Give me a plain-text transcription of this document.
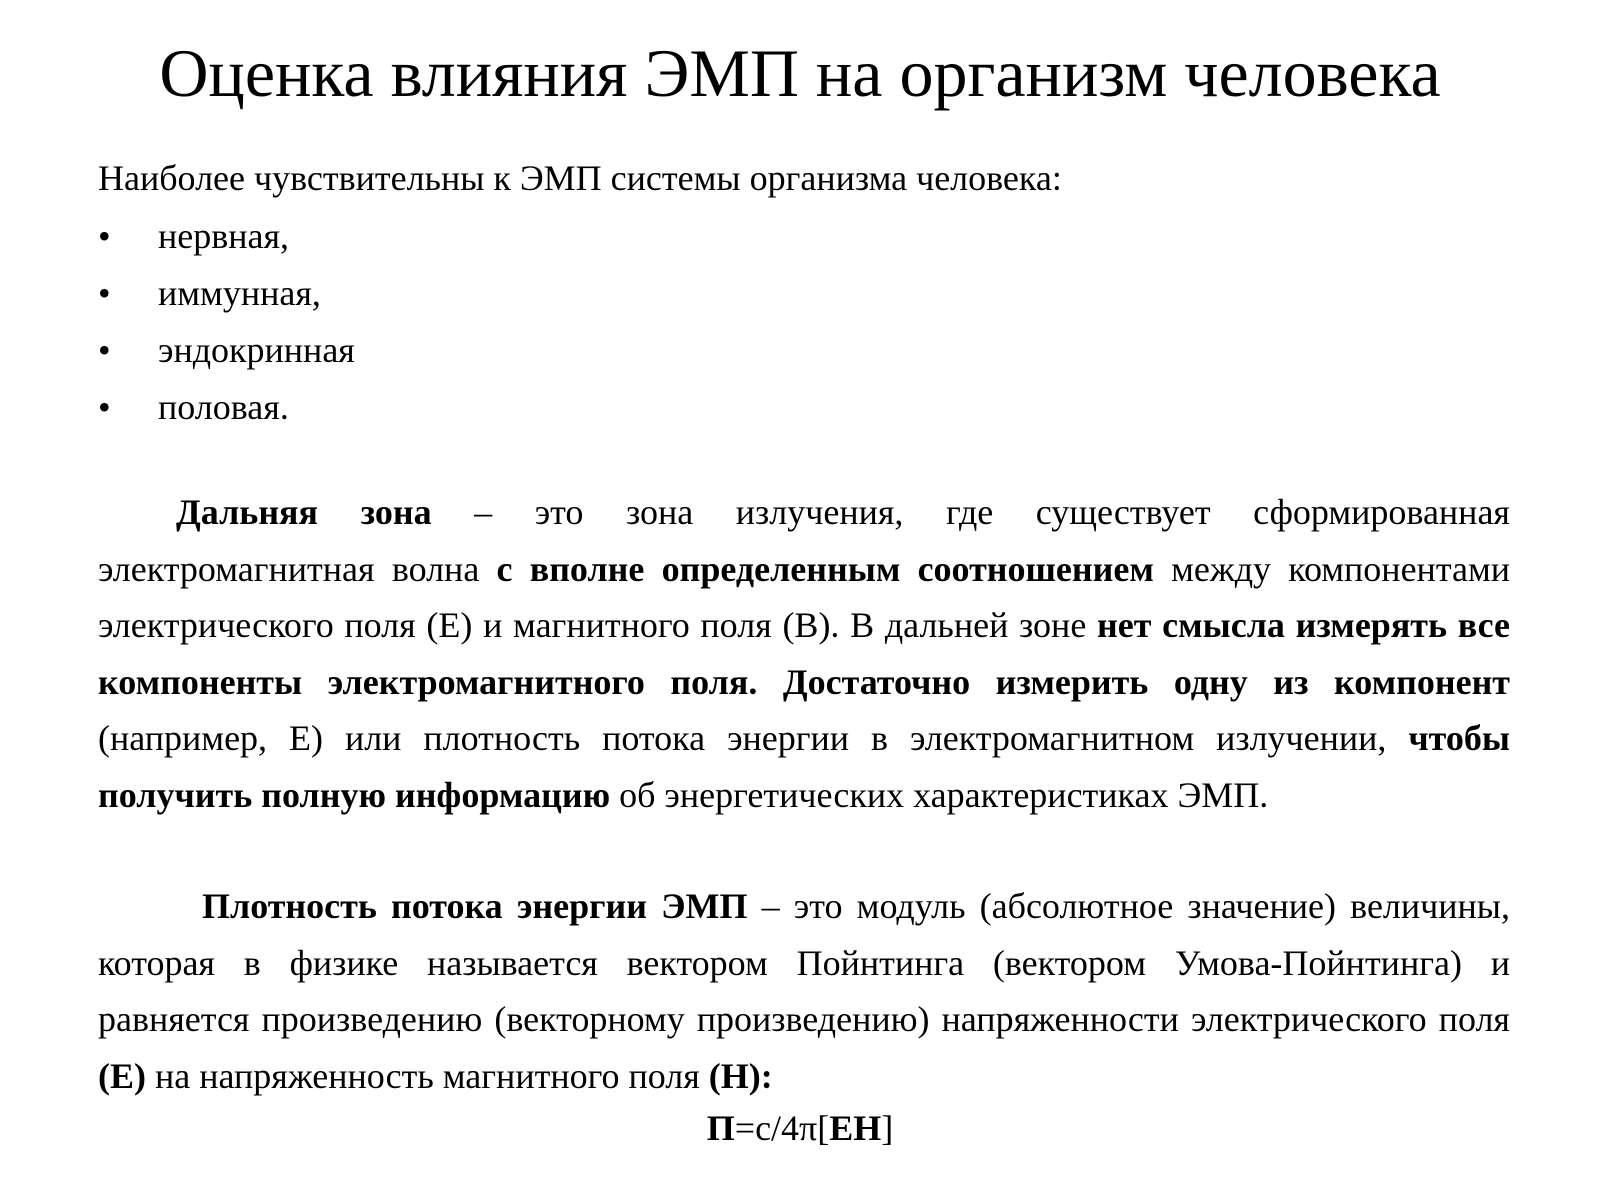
Оценка влияния ЭМП на организм человека
Наиболее чувствительны к ЭМП системы организма человека:
• нервная,
• иммунная,
• эндокринная
• половая.

Дальняя зона – это зона излучения, где существует сформированная электромагнитная волна с вполне определенным соотношением между компонентами электрического поля (Е) и магнитного поля (В). В дальней зоне нет смысла измерять все компоненты электромагнитного поля. Достаточно измерить одну из компонент (например, Е) или плотность потока энергии в электромагнитном излучении, чтобы получить полную информацию об энергетических характеристиках ЭМП.

Плотность потока энергии ЭМП – это модуль (абсолютное значение) величины, которая в физике называется вектором Пойнтинга (вектором Умова-Пойнтинга) и равняется произведению (векторному произведению) напряженности электрического поля (Е) на напряженность магнитного поля (Н):

П=с/4π[ЕН]
